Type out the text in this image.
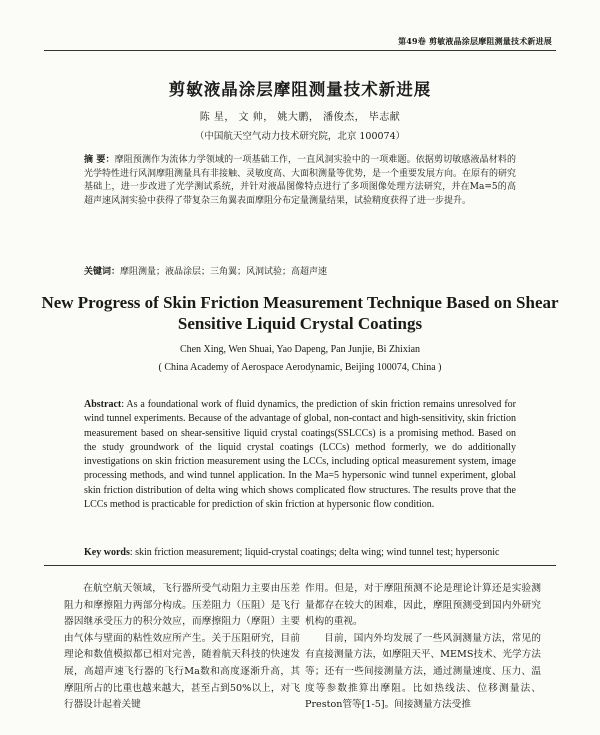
第49卷 剪敏液晶涂层摩阻测量技术新进展
剪敏液晶涂层摩阻测量技术新进展
陈 星， 文 帅， 姚大鹏， 潘俊杰， 毕志献
（中国航天空气动力技术研究院，北京 100074）

摘 要：摩阻预测作为流体力学领域的一项基础工作，一直风洞实验中的一项难题。依据剪切敏感液晶材料的光学特性进行风洞摩阻测量具有非接触、灵敏度高、大面积测量等优势，是一个重要发展方向。在原有的研究基础上，进一步改进了光学测试系统，并针对液晶图像特点进行了多项图像处理方法研究，并在Ma=5的高超声速风洞实验中获得了带复杂三角翼表面摩阻分布定量测量结果，试验精度获得了进一步提升。

关键词：摩阻测量；液晶涂层；三角翼；风洞试验；高超声速

New Progress of Skin Friction Measurement Technique Based on Shear Sensitive Liquid Crystal Coatings
Chen Xing, Wen Shuai, Yao Dapeng, Pan Junjie, Bi Zhixian
( China Academy of Aerospace Aerodynamic, Beijing 100074, China )

Abstract: As a foundational work of fluid dynamics, the prediction of skin friction remains unresolved for wind tunnel experiments. Because of the advantage of global, non-contact and high-sensitivity, skin friction measurement based on shear-sensitive liquid crystal coatings(SSLCCs) is a promising method. Based on the study groundwork of the liquid crystal coatings (LCCs) method formerly, we do additionally investigations on skin friction measurement using the LCCs, including optical measurement system, image processing methods, and wind tunnel application. In the Ma=5 hypersonic wind tunnel experiment, global skin friction distribution of delta wing which shows complicated flow structures. The results prove that the LCCs method is practicable for prediction of skin friction at hypersonic flow condition.

Key words: skin friction measurement; liquid-crystal coatings; delta wing; wind tunnel test; hypersonic

在航空航天领域，飞行器所受气动阻力主要由压差阻力和摩擦阻力两部分构成。压差阻力（压阻）是飞行器因继承受压力的积分效应，而摩擦阻力（摩阻）主要由气体与壁面的粘性效应所产生。关于压阻研究，目前理论和数值模拟都已相对完善，随着航天科技的快速发展，高超声速飞行器的飞行Ma数和高度逐渐升高，其摩阻所占的比重也越来越大，甚至占到50%以上，对飞行器设计起着关键

作用。但是，对于摩阻预测不论是理论计算还是实验测量都存在较大的困难，因此，摩阻预测受到国内外研究机构的重视。
目前，国内外均发展了一些风洞测量方法，常见的有直接测量方法，如摩阻天平、MEMS技术、光学方法等；还有一些间接测量方法，通过测量速度、压力、温度等参数推算出摩阻。比如热线法、位移测量法、Preston管等[1-5]。间接测量方法受推
